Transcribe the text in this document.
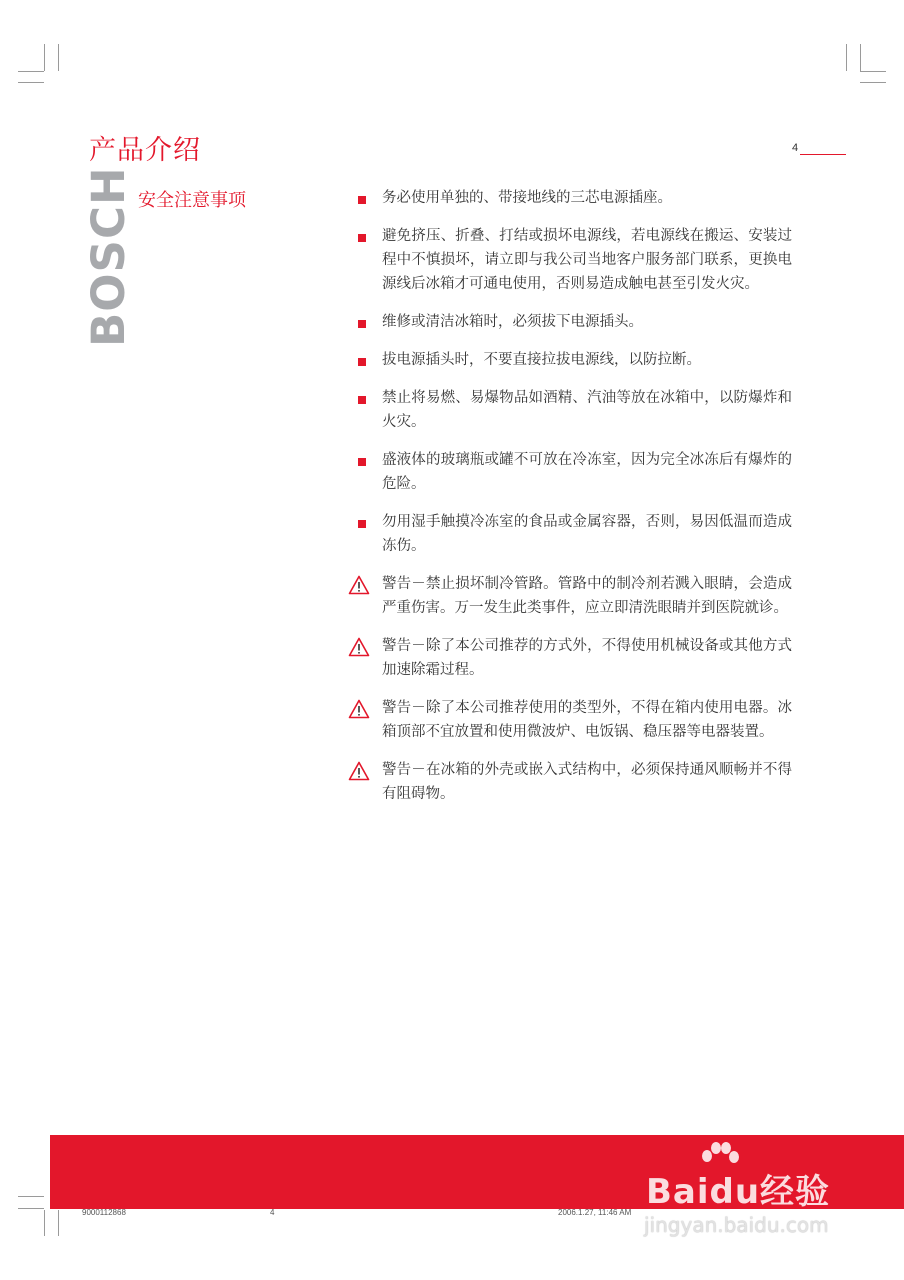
产品介绍	4
BOSCH 安全注意事项	务必使用单独的、带接地线的三芯电源插座。
避免挤压、折叠、打结或损坏电源线，若电源线在搬运、安装过程中不慎损坏，请立即与我公司当地客户服务部门联系，更换电源线后冰箱才可通电使用，否则易造成触电甚至引发火灾。
维修或清洁冰箱时，必须拔下电源插头。
拔电源插头时，不要直接拉拔电源线，以防拉断。
禁止将易燃、易爆物品如酒精、汽油等放在冰箱中，以防爆炸和火灾。
盛液体的玻璃瓶或罐不可放在冷冻室，因为完全冰冻后有爆炸的危险。
勿用湿手触摸冷冻室的食品或金属容器，否则，易因低温而造成冻伤。
警告－禁止损坏制冷管路。管路中的制冷剂若溅入眼睛，会造成严重伤害。万一发生此类事件，应立即清洗眼睛并到医院就诊。
警告－除了本公司推荐的方式外，不得使用机械设备或其他方式加速除霜过程。
警告－除了本公司推荐使用的类型外，不得在箱内使用电器。冰箱顶部不宜放置和使用微波炉、电饭锅、稳压器等电器装置。
警告－在冰箱的外壳或嵌入式结构中，必须保持通风顺畅并不得有阻碍物。
9000112868	4	2006.1.27, 11:46 AM
Baidu经验
jingyan.baidu.com
